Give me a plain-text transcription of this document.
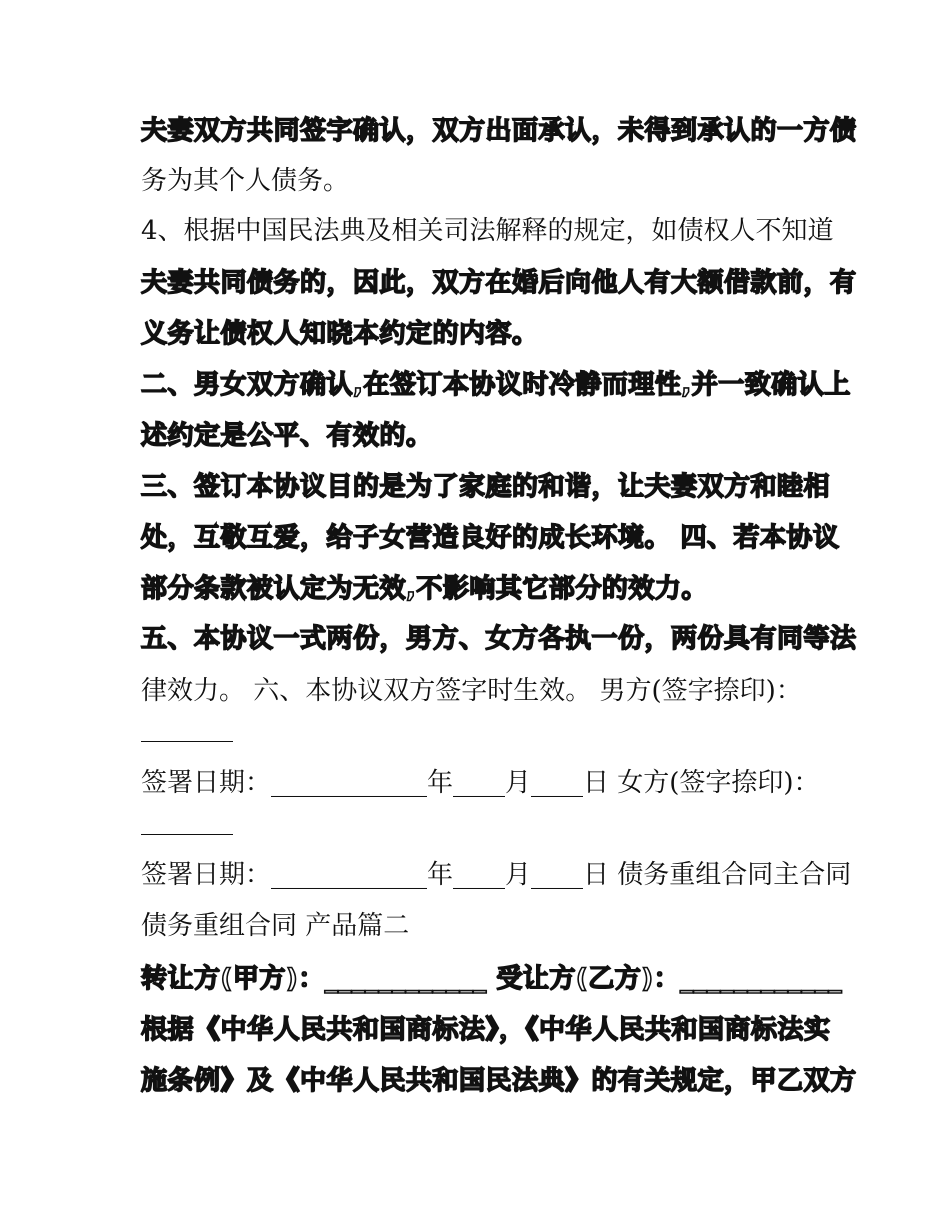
夫妻双方共同签字确认，双方出面承认，未得到承认的一方债
务为其个人债务。
4、根据中国民法典及相关司法解释的规定，如债权人不知道
夫妻共同债务的，因此，双方在婚后向他人有大额借款前，有
义务让债权人知晓本约定的内容。
二、男女双方确认,在签订本协议时冷静而理性,并一致确认上
述约定是公平、有效的。
三、签订本协议目的是为了家庭的和谐，让夫妻双方和睦相
处，互敬互爱，给子女营造良好的成长环境。 四、若本协议
部分条款被认定为无效,不影响其它部分的效力。
五、本协议一式两份，男方、女方各执一份，两份具有同等法
律效力。 六、本协议双方签字时生效。 男方(签字捺印)：
签署日期：____________年____月____日 女方(签字捺印)：
签署日期：____________年____月____日 债务重组合同主合同
债务重组合同 产品篇二
转让方(甲方)：____________ 受让方(乙方)：____________
根据《中华人民共和国商标法》，《中华人民共和国商标法实
施条例》及《中华人民共和国民法典》的有关规定，甲乙双方
